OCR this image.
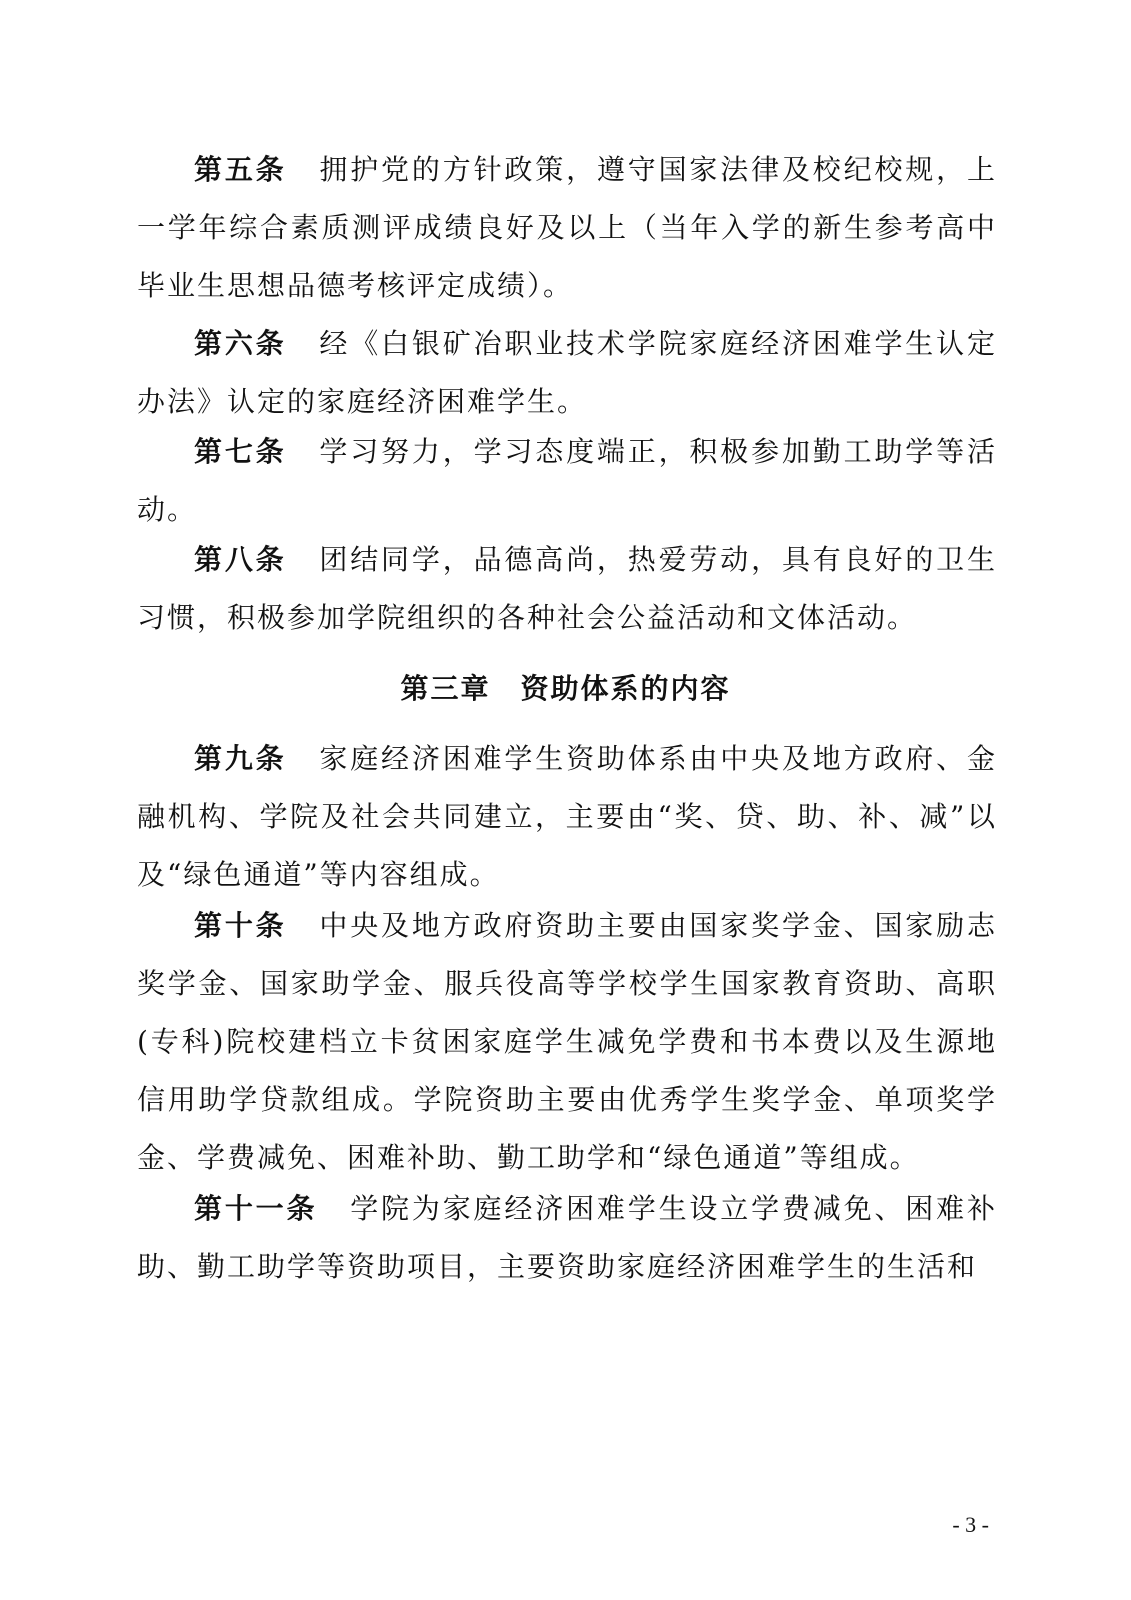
第五条 拥护党的方针政策，遵守国家法律及校纪校规，上一学年综合素质测评成绩良好及以上（当年入学的新生参考高中毕业生思想品德考核评定成绩）。

第六条 经《白银矿冶职业技术学院家庭经济困难学生认定办法》认定的家庭经济困难学生。

第七条 学习努力，学习态度端正，积极参加勤工助学等活动。

第八条 团结同学，品德高尚，热爱劳动，具有良好的卫生习惯，积极参加学院组织的各种社会公益活动和文体活动。

第三章　资助体系的内容

第九条 家庭经济困难学生资助体系由中央及地方政府、金融机构、学院及社会共同建立，主要由“奖、贷、助、补、减”以及“绿色通道”等内容组成。

第十条 中央及地方政府资助主要由国家奖学金、国家励志奖学金、国家助学金、服兵役高等学校学生国家教育资助、高职(专科)院校建档立卡贫困家庭学生减免学费和书本费以及生源地信用助学贷款组成。学院资助主要由优秀学生奖学金、单项奖学金、学费减免、困难补助、勤工助学和“绿色通道”等组成。

第十一条 学院为家庭经济困难学生设立学费减免、困难补助、勤工助学等资助项目，主要资助家庭经济困难学生的生活和

- 3 -
